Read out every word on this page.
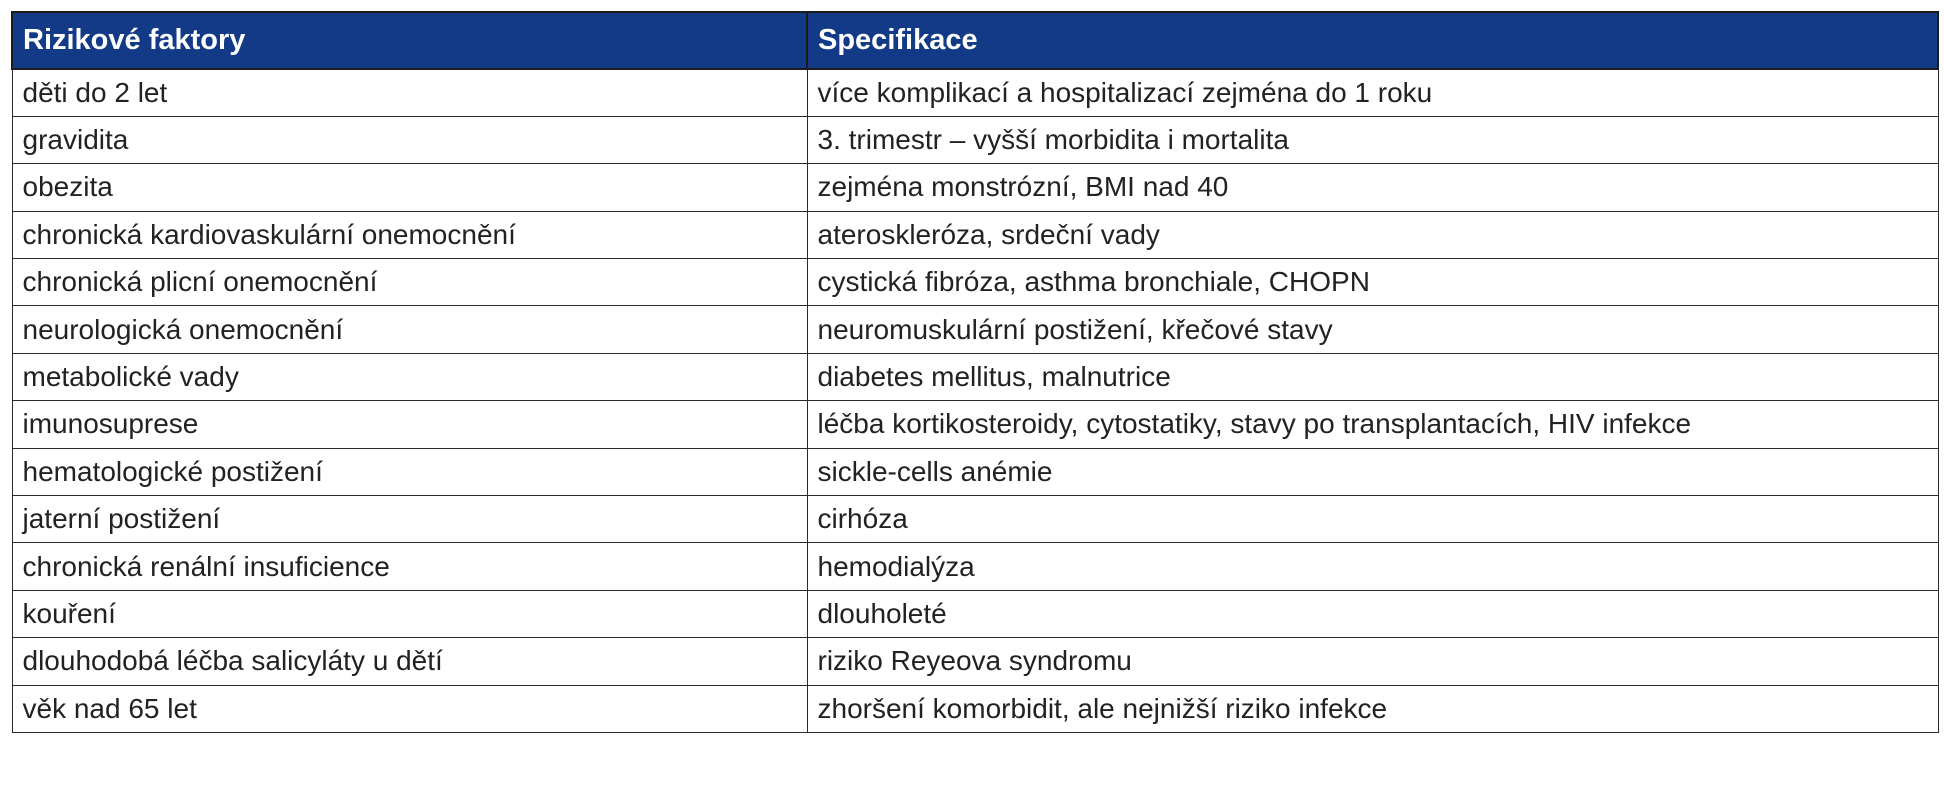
Rizikové faktory	Specifikace
děti do 2 let	více komplikací a hospitalizací zejména do 1 roku
gravidita	3. trimestr – vyšší morbidita i mortalita
obezita	zejména monstrózní, BMI nad 40
chronická kardiovaskulární onemocnění	ateroskleróza, srdeční vady
chronická plicní onemocnění	cystická fibróza, asthma bronchiale, CHOPN
neurologická onemocnění	neuromuskulární postižení, křečové stavy
metabolické vady	diabetes mellitus, malnutrice
imunosuprese	léčba kortikosteroidy, cytostatiky, stavy po transplantacích, HIV infekce
hematologické postižení	sickle-cells anémie
jaterní postižení	cirhóza
chronická renální insuficience	hemodialýza
kouření	dlouholeté
dlouhodobá léčba salicyláty u dětí	riziko Reyeova syndromu
věk nad 65 let	zhoršení komorbidit, ale nejnižší riziko infekce
